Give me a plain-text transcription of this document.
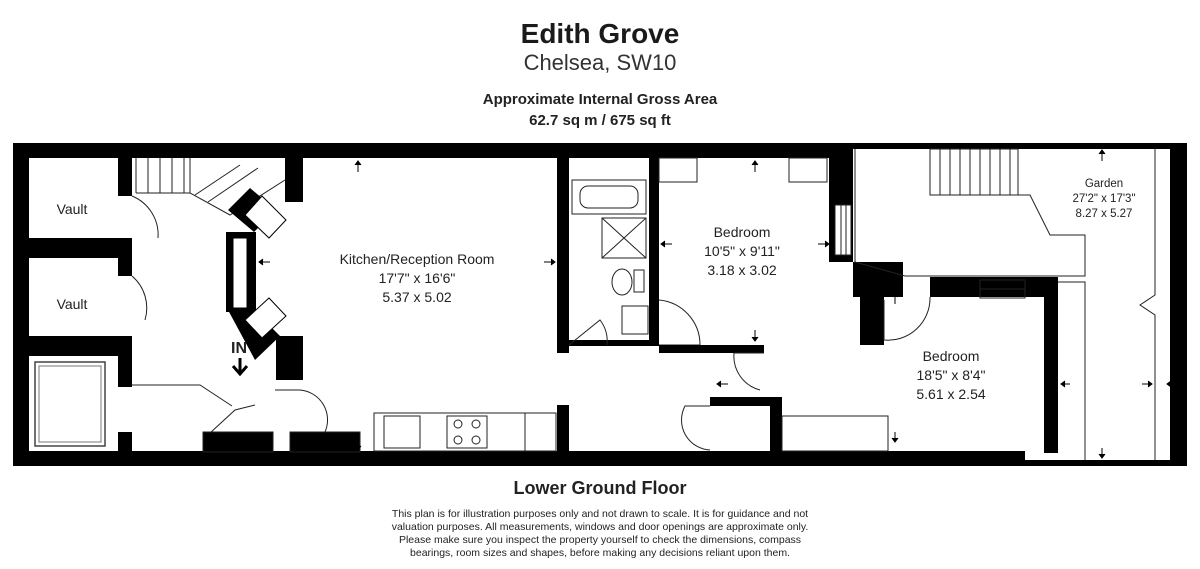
Edith Grove
Chelsea, SW10
Approximate Internal Gross Area
62.7 sq m / 675 sq ft
IN
Vault
Vault
Kitchen/Reception Room
17'7" x 16'6"
5.37 x 5.02
Bedroom
10'5" x 9'11"
3.18 x 3.02
Bedroom
18'5" x 8'4"
5.61 x 2.54
Garden
27'2" x 17'3"
8.27 x 5.27
Lower Ground Floor
This plan is for illustration purposes only and not drawn to scale. It is for guidance and not
valuation purposes. All measurements, windows and door openings are approximate only.
Please make sure you inspect the property yourself to check the dimensions, compass
bearings, room sizes and shapes, before making any decisions reliant upon them.
